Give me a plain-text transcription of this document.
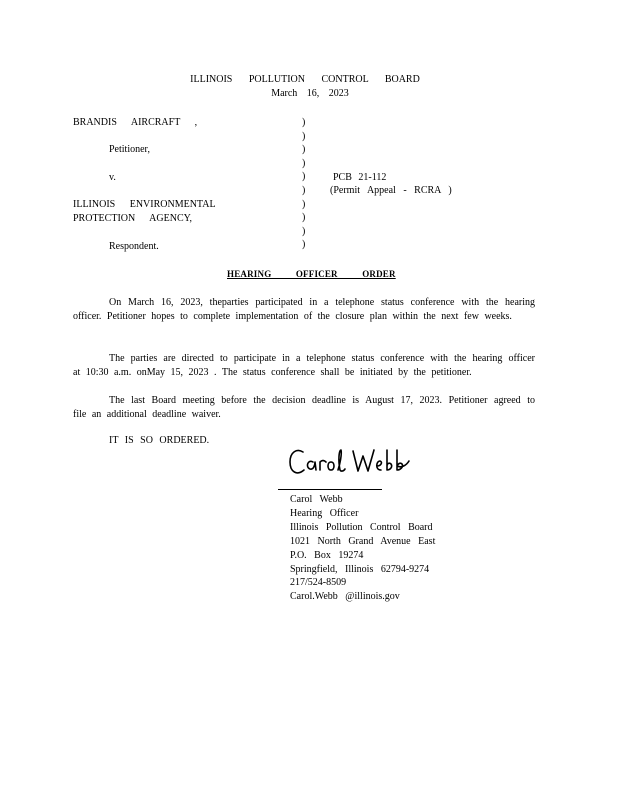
ILLINOIS POLLUTION CONTROL BOARD
March 16, 2023
BRANDIS AIRCRAFT ,
Petitioner,
v.
ILLINOIS ENVIRONMENTAL
PROTECTION AGENCY,
Respondent.
)
)
)
)
)
)
)
)
)
)
PCB 21-112
(Permit Appeal - RCRA )
HEARING OFFICER ORDER
On March 16, 2023, theparties participated in a telephone status conference with the hearing officer. Petitioner hopes to complete implementation of the closure plan within the next few weeks.
The parties are directed to participate in a telephone status conference with the hearing officer at 10:30 a.m. onMay 15, 2023 . The status conference shall be initiated by the petitioner.
The last Board meeting before the decision deadline is August 17, 2023. Petitioner agreed to file an additional deadline waiver.
IT IS SO ORDERED.
Carol Webb
Hearing Officer
Illinois Pollution Control Board
1021 North Grand Avenue East
P.O. Box 19274
Springfield, Illinois 62794-9274
217/524-8509
Carol.Webb @illinois.gov
